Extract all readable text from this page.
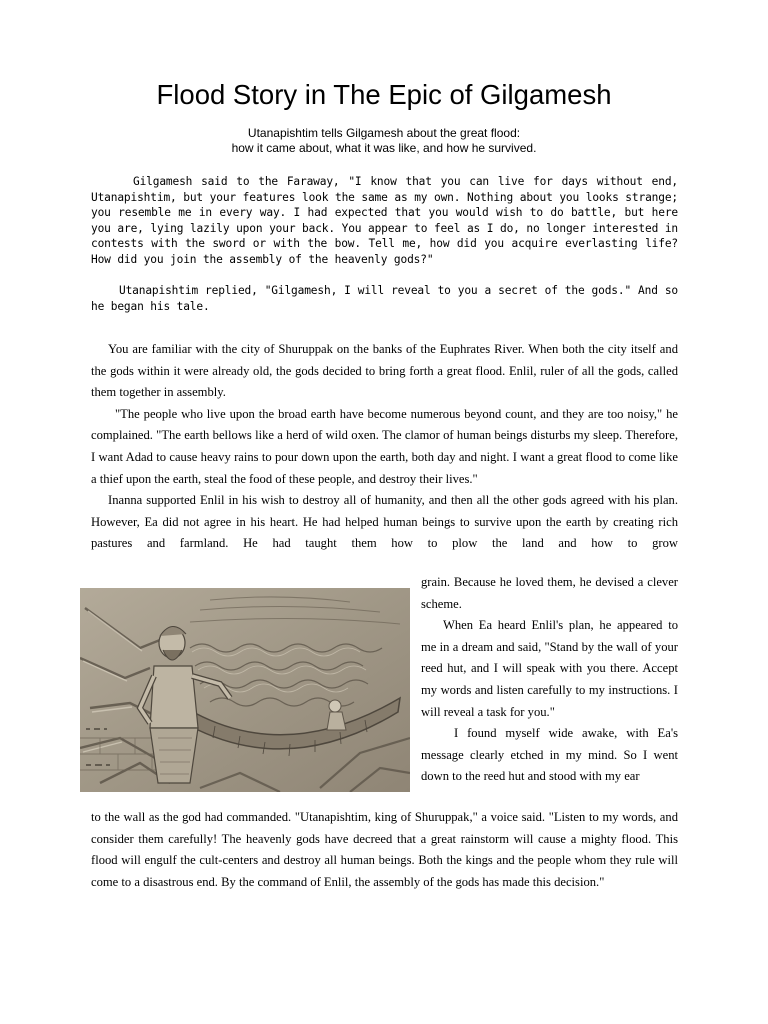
Flood Story in The Epic of Gilgamesh
Utanapishtim tells Gilgamesh about the great flood:
how it came about, what it was like, and how he survived.

Gilgamesh said to the Faraway, "I know that you can live for days without end, Utanapishtim, but your features look the same as my own. Nothing about you looks strange; you resemble me in every way. I had expected that you would wish to do battle, but here you are, lying lazily upon your back. You appear to feel as I do, no longer interested in contests with the sword or with the bow. Tell me, how did you acquire everlasting life? How did you join the assembly of the heavenly gods?"

Utanapishtim replied, "Gilgamesh, I will reveal to you a secret of the gods." And so he began his tale.

You are familiar with the city of Shuruppak on the banks of the Euphrates River. When both the city itself and the gods within it were already old, the gods decided to bring forth a great flood. Enlil, ruler of all the gods, called them together in assembly.

"The people who live upon the broad earth have become numerous beyond count, and they are too noisy," he complained. "The earth bellows like a herd of wild oxen. The clamor of human beings disturbs my sleep. Therefore, I want Adad to cause heavy rains to pour down upon the earth, both day and night. I want a great flood to come like a thief upon the earth, steal the food of these people, and destroy their lives."

Inanna supported Enlil in his wish to destroy all of humanity, and then all the other gods agreed with his plan. However, Ea did not agree in his heart. He had helped human beings to survive upon the earth by creating rich pastures and farmland. He had taught them how to plow the land and how to grow

grain. Because he loved them, he devised a clever scheme.

When Ea heard Enlil's plan, he appeared to me in a dream and said, "Stand by the wall of your reed hut, and I will speak with you there. Accept my words and listen carefully to my instructions. I will reveal a task for you."

I found myself wide awake, with Ea's message clearly etched in my mind. So I went down to the reed hut and stood with my ear

to the wall as the god had commanded. "Utanapishtim, king of Shuruppak," a voice said. "Listen to my words, and consider them carefully! The heavenly gods have decreed that a great rainstorm will cause a mighty flood. This flood will engulf the cult-centers and destroy all human beings. Both the kings and the people whom they rule will come to a disastrous end. By the command of Enlil, the assembly of the gods has made this decision."
